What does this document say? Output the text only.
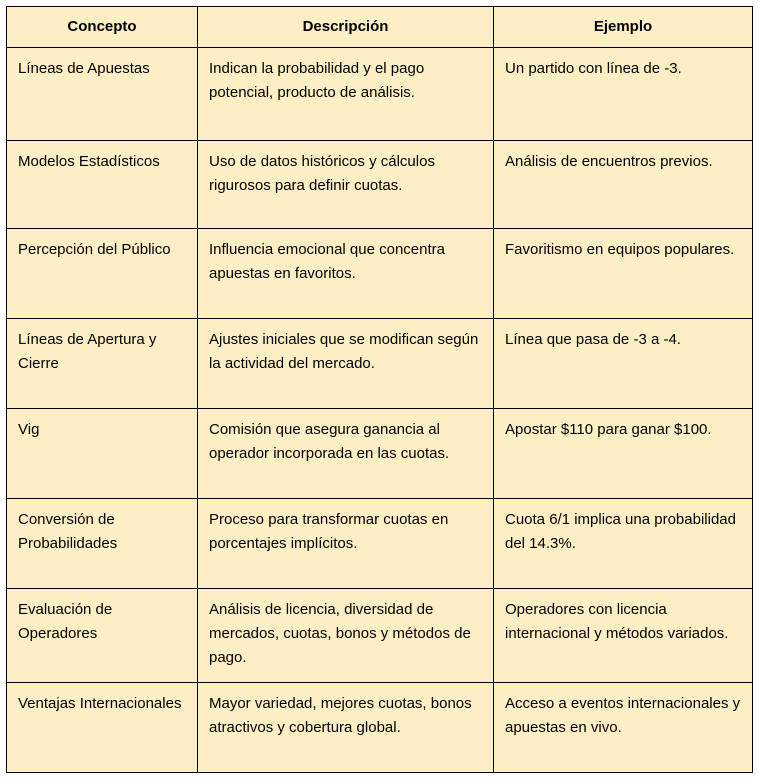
Concepto	Descripción	Ejemplo
Líneas de Apuestas	Indican la probabilidad y el pago potencial, producto de análisis.	Un partido con línea de -3.
Modelos Estadísticos	Uso de datos históricos y cálculos rigurosos para definir cuotas.	Análisis de encuentros previos.
Percepción del Público	Influencia emocional que concentra apuestas en favoritos.	Favoritismo en equipos populares.
Líneas de Apertura y Cierre	Ajustes iniciales que se modifican según la actividad del mercado.	Línea que pasa de -3 a -4.
Vig	Comisión que asegura ganancia al operador incorporada en las cuotas.	Apostar $110 para ganar $100.
Conversión de Probabilidades	Proceso para transformar cuotas en porcentajes implícitos.	Cuota 6/1 implica una probabilidad del 14.3%.
Evaluación de Operadores	Análisis de licencia, diversidad de mercados, cuotas, bonos y métodos de pago.	Operadores con licencia internacional y métodos variados.
Ventajas Internacionales	Mayor variedad, mejores cuotas, bonos atractivos y cobertura global.	Acceso a eventos internacionales y apuestas en vivo.
